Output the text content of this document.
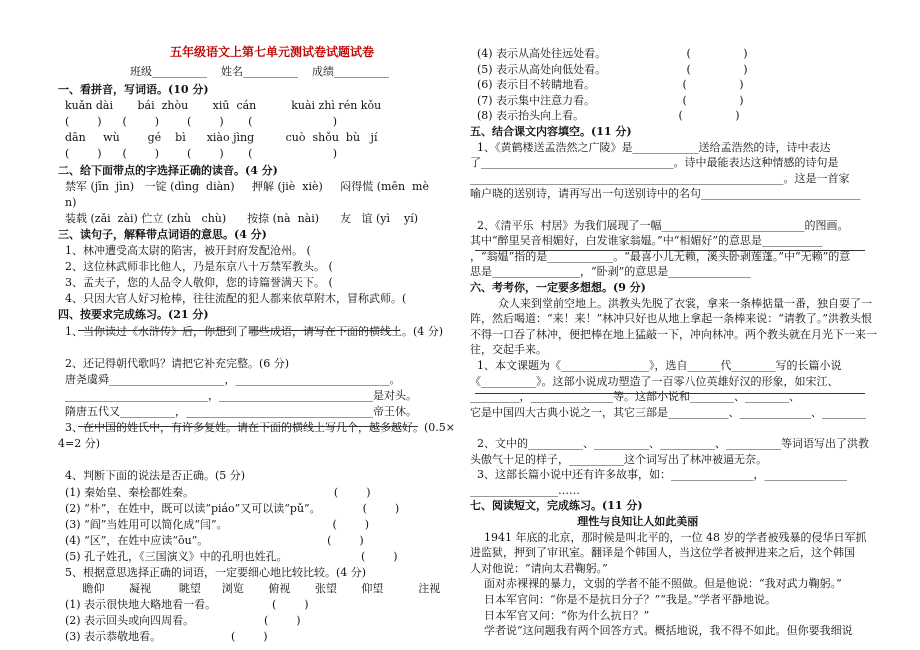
五年级语文上第七单元测试卷试题试卷
班级__________    姓名__________    成绩__________
一、看拼音，写词语。(10 分)
kuǎn dài       bái  zhòu       xiū  cán          kuài zhì rén kǒu
(        )      (        )        (        )       (                       )
dān     wù        gé    bì      xiào jìng         cuò  shǒu  bù   jí
(        )      (        )        (        )       (                       )
二、给下面带点的字选择正确的读音。(4 分)
禁军 (jīn  jìn)   一锭 (dìng  diàn)     押解 (jiè  xiè)     闷得慌 (mēn  mè
n)
装载 (zǎi  zài) 伫立 (zhù   chù)      按捺 (nà  nài)      友   谊 (yì    yí)
三、读句子，解释带点词语的意思。(4 分)
1、林冲遭受高太尉的陷害，被开封府发配沧州。 (
2、这位林武师非比他人，乃是东京八十万禁军教头。 (
3、孟夫子，您的人品令人敬仰，您的诗篇誉满天下。 (
4、只因大官人好习枪棒，往往流配的犯人都来依草附木，冒称武师。(
四、按要求完成练习。(21 分)
1、当你读过《水浒传》后，你想到了哪些成语，请写在下面的横线上。(4 分)
2、还记得朝代歌吗？请把它补充完整。(6 分)
唐尧虞舜_____________________，____________________________。
__________________________，____________________________是对头。
隋唐五代又__________，__________________________________帝王休。
3、在中国的姓氏中，有许多复姓。请在下面的横线上写几个，越多越好。(0.5×
4=2 分)
4、判断下面的说法是否正确。(5 分)
(1) 秦始皇、秦桧都姓秦。                                        (        )
(2) “朴”，在姓中，既可以读“piáo”又可以读“pǔ”。            (        )
(3) “阎”当姓用可以简化成“闫”。                              (        )
(4) “区”，在姓中应读“ōu”。                                  (        )
(5) 孔子姓孔，《三国演义》中的孔明也姓孔。                     (        )
5、根据意思选择正确的词语，一定要细心地比较比较。(4 分)
瞻仰       凝视        眺望      浏览       俯视       张望       仰望          注视
(1) 表示很快地大略地看一看。                (        )
(2) 表示回头或向四周看。                    (        )
(3) 表示恭敬地看。                    (        )
(4) 表示从高处往远处看。                       (               )
(5) 表示从高处向低处看。                       (               )
(6) 表示目不转睛地看。                         (               )
(7) 表示集中注意力看。                         (               )
(8) 表示抬头向上看。                           (               )
五、结合课文内容填空。(11 分)
1、《黄鹤楼送孟浩然之广陵》是____________送给孟浩然的诗，诗中表达
了___________________________________。诗中最能表达这种情感的诗句是
_________________________________________________________。这是一首家
喻户晓的送别诗，请再写出一句送别诗中的名句_____________________________
2、《清平乐  村居》为我们展现了一幅__________________________的图画。
其中“醉里吴音相媚好，白发谁家翁媪。”中“相媚好”的意思是___________
，“翁媪”指的是____________。“最喜小儿无赖，溪头卧剥莲蓬。”中“无赖”的意
思是________________，“卧剥”的意思是_______________
六、考考你，一定要多想想。(9 分)
众人来到堂前空地上。洪教头先脱了衣裳，拿来一条棒掂量一番，独自耍了一
阵，然后喝道：“来！来！”林冲只好也从地上拿起一条棒来说：“请教了。”洪教头恨
不得一口吞了林冲，便把棒在地上猛敲一下，冲向林冲。两个教头就在月光下一来一
往，交起手来。
1、本文课题为《________________》，选自______代________写的长篇小说
《__________》。这部小说成功塑造了一百零八位英雄好汉的形象，如宋江、
_________，_______________等。这部小说和________、________、
它是中国四大古典小说之一，其它三部是___________、_____________、________
2、文中的__________、__________、__________、__________等词语写出了洪教
头傲气十足的样子，__________这个词写出了林冲被逼无奈。
3、这部长篇小说中还有许多故事，如：_______________，_______________
________________……
七、阅读短文，完成练习。(11 分)
理性与良知让人如此美丽
1941 年底的北京，那时候是叫北平的，一位 48 岁的学者被残暴的侵华日军抓
进监狱，押到了审讯室。翻译是个韩国人，当这位学者被押进来之后，这个韩国
人对他说：“请向太君鞠躬。”
面对赤裸裸的暴力，文弱的学者不能不照做。但是他说：“我对武力鞠躬。”
日本军官问：“你是不是抗日分子？”“我是。”学者平静地说。
日本军官又问：“你为什么抗日？”
学者说“这问题我有两个回答方式。概括地说，我不得不如此。但你要我细说
